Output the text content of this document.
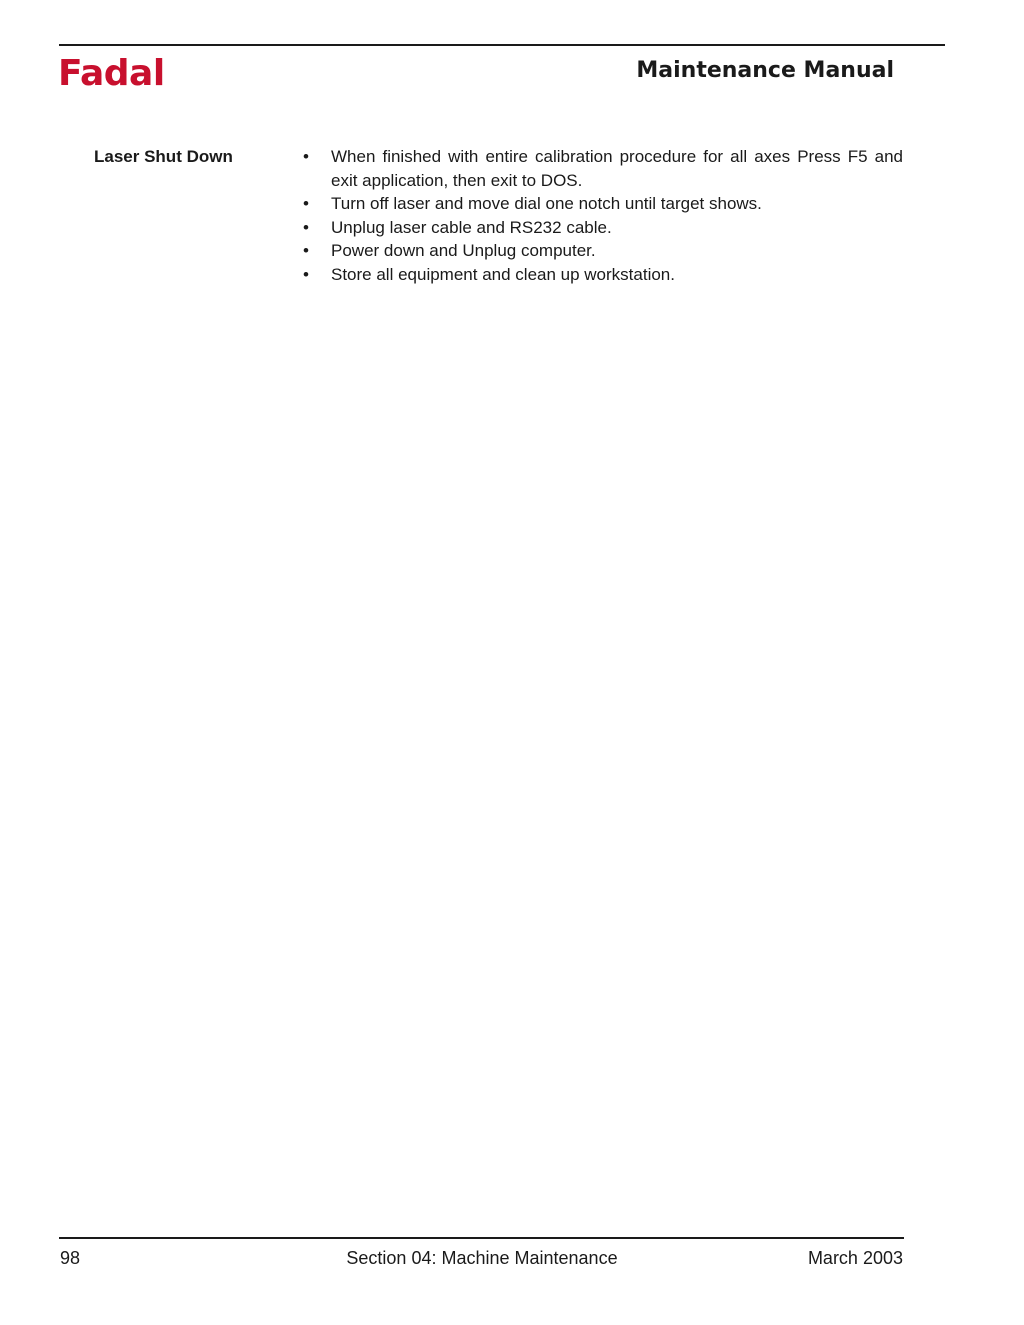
Fadal	Maintenance Manual
Laser Shut Down	• When finished with entire calibration procedure for all axes Press F5 and exit application, then exit to DOS.
• Turn off laser and move dial one notch until target shows.
• Unplug laser cable and RS232 cable.
• Power down and Unplug computer.
• Store all equipment and clean up workstation.
98	Section 04: Machine Maintenance	March 2003
